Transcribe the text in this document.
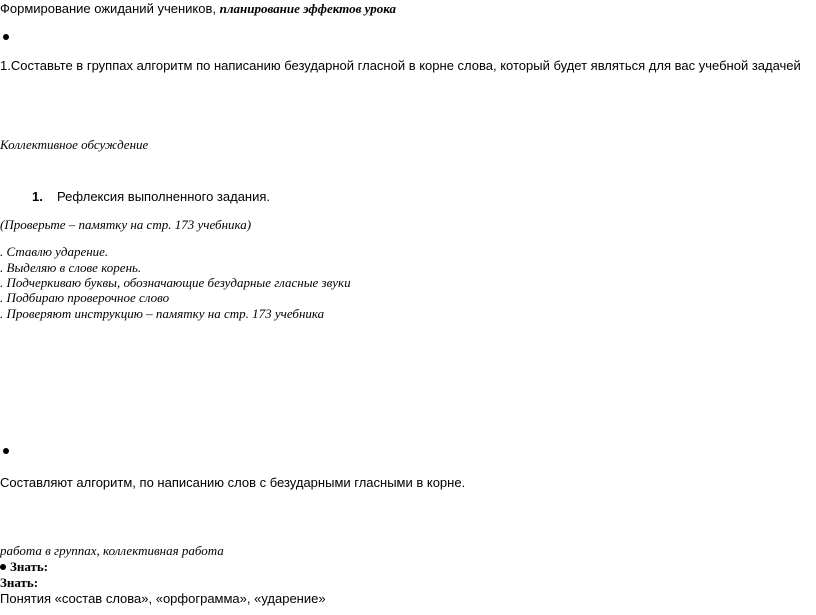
Формирование ожиданий учеников, планирование эффектов урока
1.Составьте в группах алгоритм по написанию безударной гласной в корне слова, который будет являться для вас учебной задачей
Коллективное обсуждение
1. Рефлексия выполненного задания.
(Проверьте – памятку на стр. 173 учебника)
. Ставлю ударение.
. Выделяю в слове корень.
. Подчеркиваю буквы, обозначающие безударные гласные звуки
. Подбираю проверочное слово
. Проверяют инструкцию – памятку на стр. 173 учебника
Составляют алгоритм, по написанию слов с безударными гласными в корне.
работа в группах, коллективная работа
Знать:
Знать:
Понятия «состав слова», «орфограмма», «ударение»
